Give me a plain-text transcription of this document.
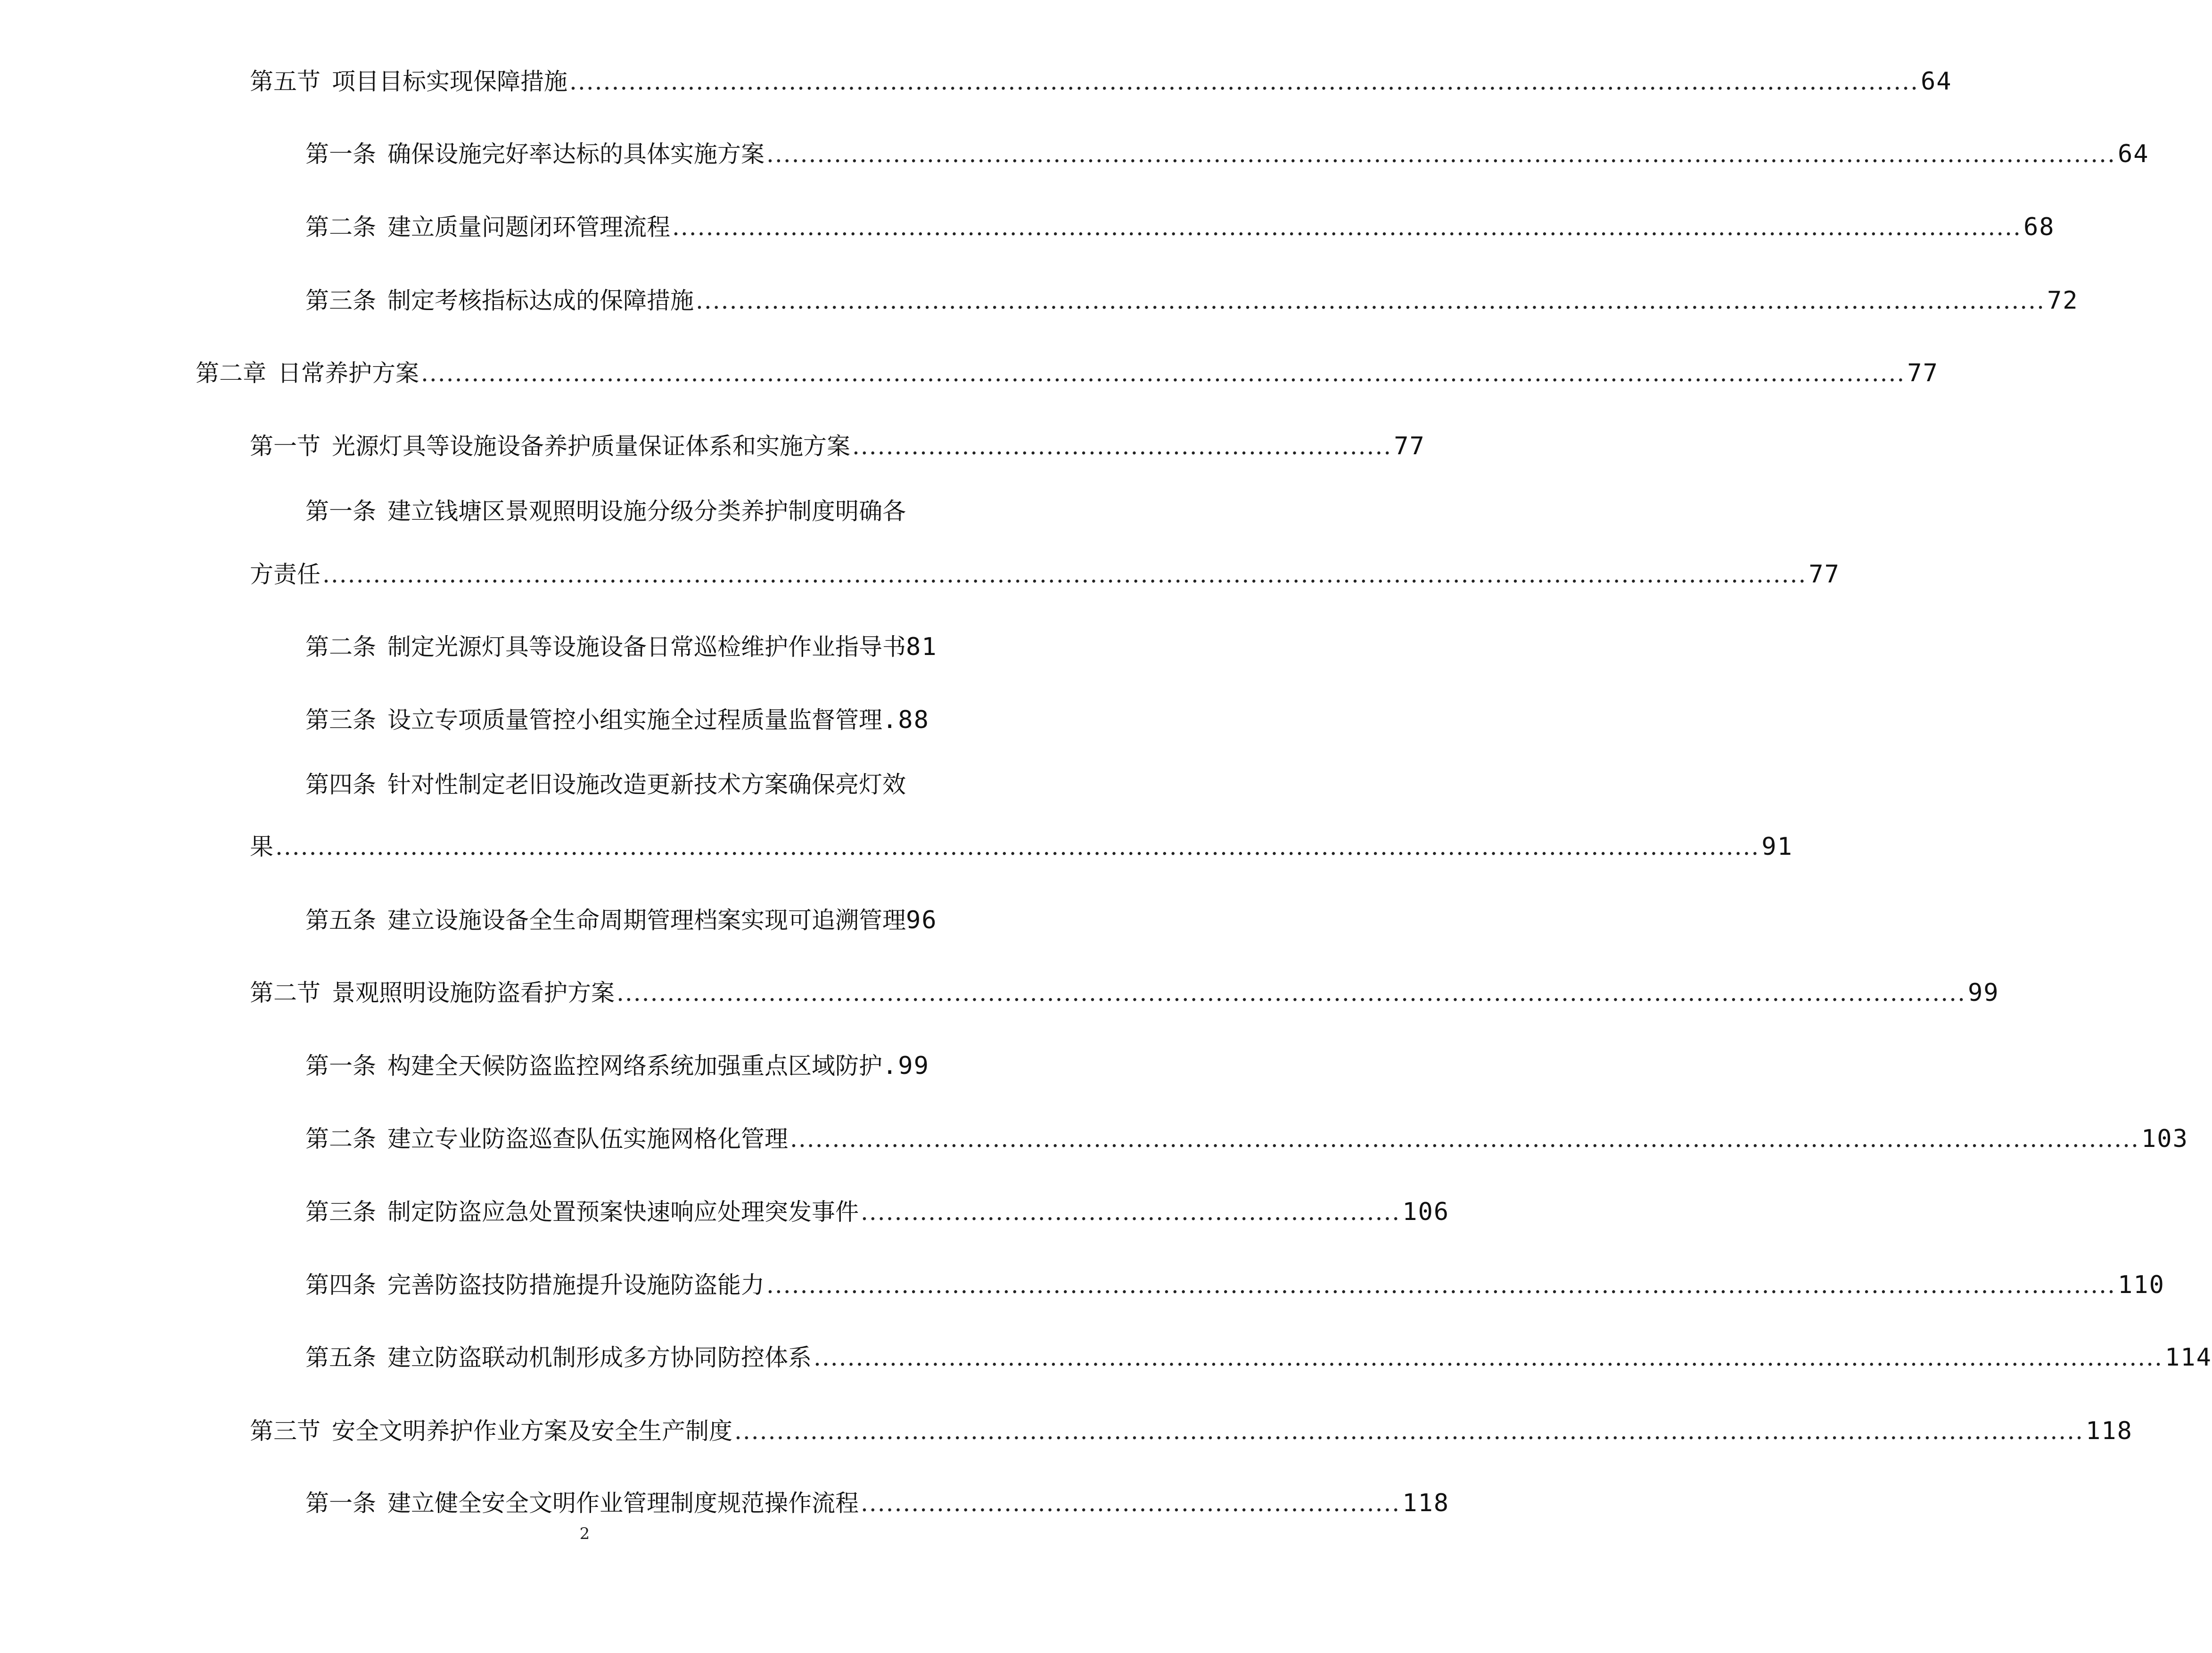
第五节 项目目标实现保障措施 ................................................................................................................................................................ 64
第一条 确保设施完好率达标的具体实施方案 ................................................................................................................................................................ 64
第二条 建立质量问题闭环管理流程 ................................................................................................................................................................ 68
第三条 制定考核指标达成的保障措施 ................................................................................................................................................................ 72
第二章 日常养护方案 ................................................................................................................................................................................ 77
第一节 光源灯具等设施设备养护质量保证体系和实施方案 ................................................................ 77
第一条 建立钱塘区景观照明设施分级分类养护制度明确各
方责任 ................................................................................................................................................................................ 77
第二条 制定光源灯具等设施设备日常巡检维护作业指导书 81
第三条 设立专项质量管控小组实施全过程质量监督管理 .88
第四条 针对性制定老旧设施改造更新技术方案确保亮灯效
果 ................................................................................................................................................................................ 91
第五条 建立设施设备全生命周期管理档案实现可追溯管理 96
第二节 景观照明设施防盗看护方案 ................................................................................................................................................................ 99
第一条 构建全天候防盗监控网络系统加强重点区域防护 .99
第二条 建立专业防盗巡查队伍实施网格化管理 ................................................................................................................................................................ 103
第三条 制定防盗应急处置预案快速响应处理突发事件 ................................................................ 106
第四条 完善防盗技防措施提升设施防盗能力 ................................................................................................................................................................ 110
第五条 建立防盗联动机制形成多方协同防控体系 ................................................................................................................................................................ 114
第三节 安全文明养护作业方案及安全生产制度 ................................................................................................................................................................ 118
第一条 建立健全安全文明作业管理制度规范操作流程 ................................................................ 118
2
